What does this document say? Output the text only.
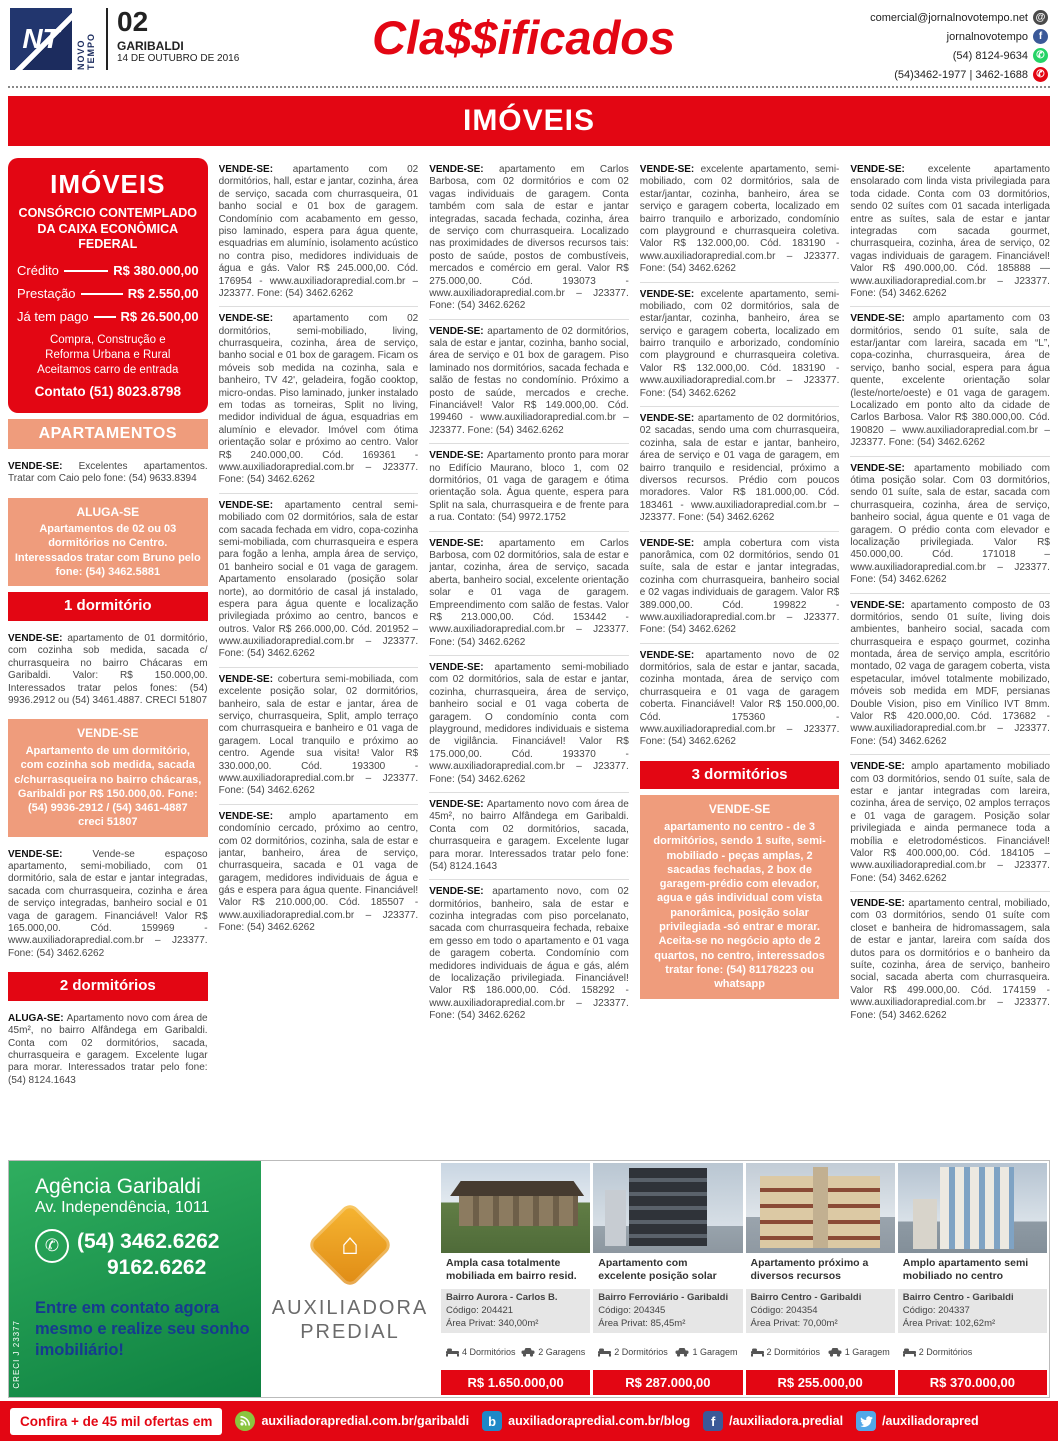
NT
NOVO TEMPO
02
GARIBALDI
14 DE OUTUBRO DE 2016	Cla$$ificados	comercial@jornalnovotempo.net @
jornalnovotempo	f
(54) 8124-9634 ✆
(54)3462-1977 | 3462-1688 ✆
IMÓVEIS
IMÓVEIS
CONSÓRCIO CONTEMPLADO
DA CAIXA ECONÔMICA FEDERAL
Crédito	R$ 380.000,00
Prestação	R$ 2.550,00
Já tem pago R$ 26.500,00
Compra, Construção e
Reforma Urbana e Rural
Aceitamos carro de entrada
Contato (51) 8023.8798
APARTAMENTOS
VENDE-SE: Excelentes apartamentos. Tratar com Caio pelo fone: (54) 9633.8394
ALUGA-SE
Apartamentos de 02 ou 03 dormitórios no Centro. Interessados tratar com Bruno pelo fone: (54) 3462.5881
1 dormitório
VENDE-SE: apartamento de 01 dormitório, com cozinha sob medida, sacada c/ churrasqueira no bairro Chácaras em Garibaldi. Valor: R$ 150.000,00. Interessados tratar pelos fones: (54) 9936.2912 ou (54) 3461.4887. CRECI 51807
VENDE-SE
Apartamento de um dormitório, com cozinha sob medida, sacada c/churrasqueira no bairro chácaras, Garibaldi por R$ 150.000,00. Fone: (54) 9936-2912 / (54) 3461-4887 creci 51807
VENDE-SE: Vende-se espaçoso apartamento, semi-mobiliado, com 01 dormitório, sala de estar e jantar integradas, sacada com churrasqueira, cozinha e área de serviço integradas, banheiro social e 01 vaga de garagem. Financiável! Valor R$ 165.000,00. Cód. 159969 - www.auxiliadorapredial.com.br – J23377. Fone: (54) 3462.6262
2 dormitórios
ALUGA-SE: Apartamento novo com área de 45m², no bairro Alfândega em Garibaldi. Conta com 02 dormitórios, sacada, churrasqueira e garagem. Excelente lugar para morar. Interessados tratar pelo fone: (54) 8124.1643
VENDE-SE: apartamento com 02 dormitórios, hall, estar e jantar, cozinha, área de serviço, sacada com churrasqueira, 01 banho social e 01 box de garagem. Condomínio com acabamento em gesso, piso laminado, espera para água quente, esquadrias em alumínio, isolamento acústico no contra piso, medidores individuais de água e gás. Valor R$ 245.000,00. Cód. 176954 - www.auxiliadorapredial.com.br – J23377. Fone: (54) 3462.6262
VENDE-SE: apartamento com 02 dormitórios, semi-mobiliado, living, churrasqueira, cozinha, área de serviço, banho social e 01 box de garagem. Ficam os móveis sob medida na cozinha, sala e banheiro, TV 42', geladeira, fogão cooktop, micro-ondas. Piso laminado, junker instalado em todas as torneiras, Split no living, medidor individual de água, esquadrias em alumínio e elevador. Imóvel com ótima orientação solar e próximo ao centro. Valor R$ 240.000,00. Cód. 169361 - www.auxiliadorapredial.com.br – J23377. Fone: (54) 3462.6262
VENDE-SE: apartamento central semi-mobiliado com 02 dormitórios, sala de estar com sacada fechada em vidro, copa-cozinha semi-mobiliada, com churrasqueira e espera para fogão a lenha, ampla área de serviço, 01 banheiro social e 01 vaga de garagem. Apartamento ensolarado (posição solar norte), ao dormitório de casal já instalado, espera para água quente e localização privilegiada próximo ao centro, bancos e outros. Valor R$ 266.000,00. Cód. 201952 – www.auxiliadorapredial.com.br – J23377. Fone: (54) 3462.6262
VENDE-SE: cobertura semi-mobiliada, com excelente posição solar, 02 dormitórios, banheiro, sala de estar e jantar, área de serviço, churrasqueira, Split, amplo terraço com churrasqueira e banheiro e 01 vaga de garagem. Local tranquilo e próximo ao centro. Agende sua visita! Valor R$ 330.000,00. Cód. 193300 - www.auxiliadorapredial.com.br – J23377. Fone: (54) 3462.6262
VENDE-SE: amplo apartamento em condomínio cercado, próximo ao centro, com 02 dormitórios, cozinha, sala de estar e jantar, banheiro, área de serviço, churrasqueira, sacada e 01 vaga de garagem, medidores individuais de água e gás e espera para água quente. Financiável! Valor R$ 210.000,00. Cód. 185507 - www.auxiliadorapredial.com.br – J23377. Fone: (54) 3462.6262
VENDE-SE: apartamento em Carlos Barbosa, com 02 dormitórios e com 02 vagas individuais de garagem. Conta também com sala de estar e jantar integradas, sacada fechada, cozinha, área de serviço com churrasqueira. Localizado nas proximidades de diversos recursos tais: posto de saúde, postos de combustíveis, mercados e comércio em geral. Valor R$ 275.000,00. Cód. 193073 - www.auxiliadorapredial.com.br – J23377. Fone: (54) 3462.6262
VENDE-SE: apartamento de 02 dormitórios, sala de estar e jantar, cozinha, banho social, área de serviço e 01 box de garagem. Piso laminado nos dormitórios, sacada fechada e salão de festas no condomínio. Próximo a posto de saúde, mercados e creche. Financiável! Valor R$ 149.000,00. Cód. 199460 - www.auxiliadorapredial.com.br – J23377. Fone: (54) 3462.6262
VENDE-SE: Apartamento pronto para morar no Edifício Maurano, bloco 1, com 02 dormitórios, 01 vaga de garagem e ótima orientação sola. Água quente, espera para Split na sala, churrasqueira e de frente para a rua. Contato: (54) 9972.1752
VENDE-SE: apartamento em Carlos Barbosa, com 02 dormitórios, sala de estar e jantar, cozinha, área de serviço, sacada aberta, banheiro social, excelente orientação solar e 01 vaga de garagem. Empreendimento com salão de festas. Valor R$ 213.000,00. Cód. 153442 - www.auxiliadorapredial.com.br – J23377. Fone: (54) 3462.6262
VENDE-SE: apartamento semi-mobiliado com 02 dormitórios, sala de estar e jantar, cozinha, churrasqueira, área de serviço, banheiro social e 01 vaga coberta de garagem. O condomínio conta com playground, medidores individuais e sistema de vigilância. Financiável! Valor R$ 175.000,00. Cód. 193370 - www.auxiliadorapredial.com.br – J23377. Fone: (54) 3462.6262
VENDE-SE: Apartamento novo com área de 45m², no bairro Alfândega em Garibaldi. Conta com 02 dormitórios, sacada, churrasqueira e garagem. Excelente lugar para morar. Interessados tratar pelo fone: (54) 8124.1643
VENDE-SE: apartamento novo, com 02 dormitórios, banheiro, sala de estar e cozinha integradas com piso porcelanato, sacada com churrasqueira fechada, rebaixe em gesso em todo o apartamento e 01 vaga de garagem coberta. Condomínio com medidores individuais de água e gás, além de localização privilegiada. Financiável! Valor R$ 186.000,00. Cód. 158292 - www.auxiliadorapredial.com.br – J23377. Fone: (54) 3462.6262
VENDE-SE: excelente apartamento, semi-mobiliado, com 02 dormitórios, sala de estar/jantar, cozinha, banheiro, área se serviço e garagem coberta, localizado em bairro tranquilo e arborizado, condomínio com playground e churrasqueira coletiva. Valor R$ 132.000,00. Cód. 183190 - www.auxiliadorapredial.com.br – J23377. Fone: (54) 3462.6262
VENDE-SE: excelente apartamento, semi-mobiliado, com 02 dormitórios, sala de estar/jantar, cozinha, banheiro, área se serviço e garagem coberta, localizado em bairro tranquilo e arborizado, condomínio com playground e churrasqueira coletiva. Valor R$ 132.000,00. Cód. 183190 - www.auxiliadorapredial.com.br – J23377. Fone: (54) 3462.6262
VENDE-SE: apartamento de 02 dormitórios, 02 sacadas, sendo uma com churrasqueira, cozinha, sala de estar e jantar, banheiro, área de serviço e 01 vaga de garagem, em bairro tranquilo e residencial, próximo a diversos recursos. Prédio com poucos moradores. Valor R$ 181.000,00. Cód. 183461 - www.auxiliadorapredial.com.br – J23377. Fone: (54) 3462.6262
VENDE-SE: ampla cobertura com vista panorâmica, com 02 dormitórios, sendo 01 suíte, sala de estar e jantar integradas, cozinha com churrasqueira, banheiro social e 02 vagas individuais de garagem. Valor R$ 389.000,00. Cód. 199822 - www.auxiliadorapredial.com.br – J23377. Fone: (54) 3462.6262
VENDE-SE: apartamento novo de 02 dormitórios, sala de estar e jantar, sacada, cozinha montada, área de serviço com churrasqueira e 01 vaga de garagem coberta. Financiável! Valor R$ 150.000,00. Cód. 175360 - www.auxiliadorapredial.com.br – J23377. Fone: (54) 3462.6262
3 dormitórios
VENDE-SE
apartamento no centro - de 3 dormitórios, sendo 1 suíte, semi-mobiliado - peças amplas, 2 sacadas fechadas, 2 box de garagem-prédio com elevador, agua e gás individual com vista panorâmica, posição solar privilegiada -só entrar e morar. Aceita-se no negócio apto de 2 quartos, no centro, interessados tratar fone: (54) 81178223 ou whatsapp
VENDE-SE: excelente apartamento ensolarado com linda vista privilegiada para toda cidade. Conta com 03 dormitórios, sendo 02 suítes com 01 sacada interligada entre as suítes, sala de estar e jantar integradas com sacada gourmet, churrasqueira, cozinha, área de serviço, 02 vagas individuais de garagem. Financiável! Valor R$ 490.000,00. Cód. 185888 — www.auxiliadorapredial.com.br – J23377. Fone: (54) 3462.6262
VENDE-SE: amplo apartamento com 03 dormitórios, sendo 01 suíte, sala de estar/jantar com lareira, sacada em “L”, copa-cozinha, churrasqueira, área de serviço, banho social, espera para água quente, excelente orientação solar (leste/norte/oeste) e 01 vaga de garagem. Localizado em ponto alto da cidade de Carlos Barbosa. Valor R$ 380.000,00. Cód. 190820 – www.auxiliadorapredial.com.br – J23377. Fone: (54) 3462.6262
VENDE-SE: apartamento mobiliado com ótima posição solar. Com 03 dormitórios, sendo 01 suíte, sala de estar, sacada com churrasqueira, cozinha, área de serviço, banheiro social, água quente e 01 vaga de garagem. O prédio conta com elevador e localização privilegiada. Valor R$ 450.000,00. Cód. 171018 – www.auxiliadorapredial.com.br – J23377. Fone: (54) 3462.6262
VENDE-SE: apartamento composto de 03 dormitórios, sendo 01 suíte, living dois ambientes, banheiro social, sacada com churrasqueira e espaço gourmet, cozinha montada, área de serviço ampla, escritório montado, 02 vaga de garagem coberta, vista espetacular, imóvel totalmente mobilizado, móveis sob medida em MDF, persianas Double Vision, piso em Vinílico IVT 8mm. Valor R$ 420.000,00. Cód. 173682 - www.auxiliadorapredial.com.br – J23377. Fone: (54) 3462.6262
VENDE-SE: amplo apartamento mobiliado com 03 dormitórios, sendo 01 suíte, sala de estar e jantar integradas com lareira, cozinha, área de serviço, 02 amplos terraços e 01 vaga de garagem. Posição solar privilegiada e ainda permanece toda a mobília e eletrodomésticos. Financiável! Valor R$ 400.000,00. Cód. 184105 – www.auxiliadorapredial.com.br – J23377. Fone: (54) 3462.6262
VENDE-SE: apartamento central, mobiliado, com 03 dormitórios, sendo 01 suíte com closet e banheira de hidromassagem, sala de estar e jantar, lareira com saída dos dutos para os dormitórios e o banheiro da suíte, cozinha, área de serviço, banheiro social, sacada aberta com churrasqueira. Valor R$ 499.000,00. Cód. 174159 - www.auxiliadorapredial.com.br – J23377. Fone: (54) 3462.6262
Agência Garibaldi
Av. Independência, 1011
✆ (54) 3462.6262
9162.6262
Entre em contato agora mesmo e realize seu sonho imobiliário!
CRECI J 23377
⌂
AUXILIADORA
PREDIAL
Ampla casa totalmente mobiliada em bairro resid.
Bairro Aurora - Carlos B.
Código: 204421
Área Privat: 340,00m²
4 Dormitórios	2 Garagens
R$ 1.650.000,00
Apartamento com excelente posição solar
Bairro Ferroviário - Garibaldi
Código: 204345
Área Privat: 85,45m²
2 Dormitórios	1 Garagem
R$ 287.000,00
Apartamento próximo a diversos recursos
Bairro Centro - Garibaldi
Código: 204354
Área Privat: 70,00m²
2 Dormitórios	1 Garagem
R$ 255.000,00
Amplo apartamento semi mobiliado no centro
Bairro Centro - Garibaldi
Código: 204337
Área Privat: 102,62m²
2 Dormitórios
R$ 370.000,00
Confira + de 45 mil ofertas em	auxiliadorapredial.com.br/garibaldi	b auxiliadorapredial.com.br/blog	f	/auxiliadora.predial	/auxiliadorapred
